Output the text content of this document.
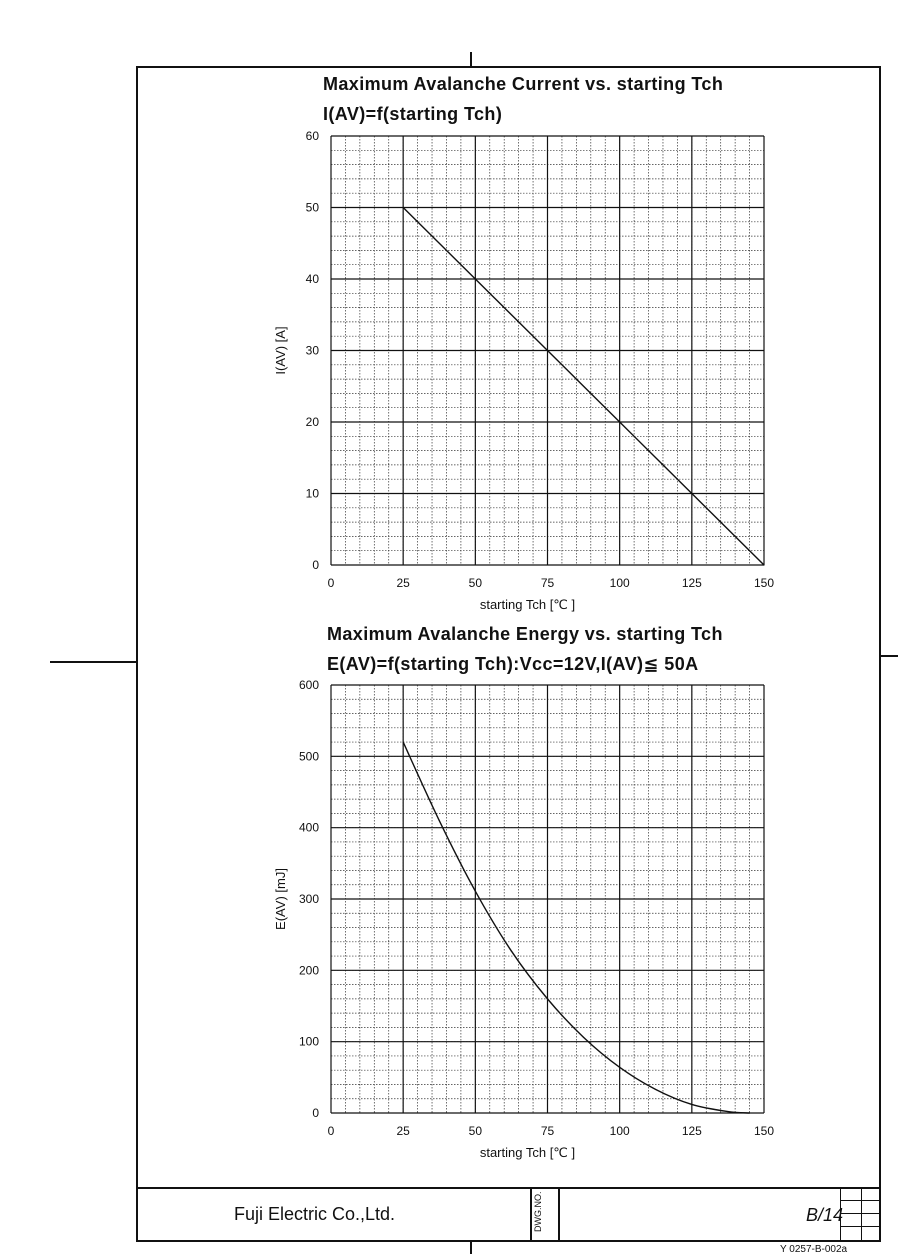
Maximum Avalanche Current vs. starting Tch
I(AV)=f(starting Tch)
0	25	50	75	100	125	150
0
10
20
30
40
50
60
starting Tch [℃ ]
I(AV) [A]
Maximum Avalanche Energy vs. starting Tch
E(AV)=f(starting Tch):Vcc=12V,I(AV)≦ 50A
0	25	50	75	100	125	150
0
100
200
300
400
500
600
starting Tch [℃ ]
E(AV) [mJ]
Fuji Electric Co.,Ltd.	DWG.NO.	B/14
Y 0257-B-002a
